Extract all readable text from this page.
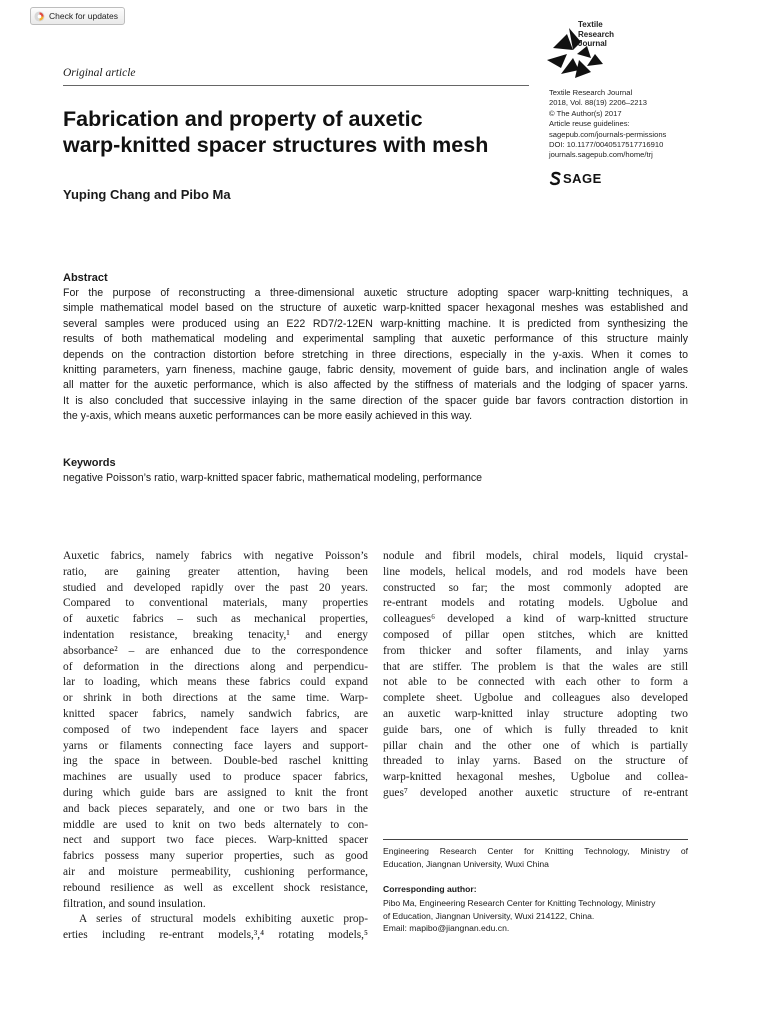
Check for updates
Original article
Textile
Research
Journal
Textile Research Journal
2018, Vol. 88(19) 2206–2213
© The Author(s) 2017
Article reuse guidelines:
sagepub.com/journals-permissions
DOI: 10.1177/0040517517716910
journals.sagepub.com/home/trj
SAGE
Fabrication and property of auxetic
warp-knitted spacer structures with mesh
Yuping Chang and Pibo Ma
Abstract
For the purpose of reconstructing a three-dimensional auxetic structure adopting spacer warp-knitting techniques, a
simple mathematical model based on the structure of auxetic warp-knitted spacer hexagonal meshes was established and
several samples were produced using an E22 RD7/2-12EN warp-knitting machine. It is predicted from synthesizing the
results of both mathematical modeling and experimental sampling that auxetic performance of this structure mainly
depends on the contraction distortion before stretching in three directions, especially in the y-axis. When it comes to
knitting parameters, yarn fineness, machine gauge, fabric density, movement of guide bars, and inclination angle of wales
all matter for the auxetic performance, which is also affected by the stiffness of materials and the lodging of spacer yarns.
It is also concluded that successive inlaying in the same direction of the spacer guide bar favors contraction distortion in
the y-axis, which means auxetic performances can be more easily achieved in this way.
Keywords
negative Poisson’s ratio, warp-knitted spacer fabric, mathematical modeling, performance
Auxetic fabrics, namely fabrics with negative Poisson’s
ratio, are gaining greater attention, having been
studied and developed rapidly over the past 20 years.
Compared to conventional materials, many properties
of auxetic fabrics – such as mechanical properties,
indentation resistance, breaking tenacity,¹ and energy
absorbance² – are enhanced due to the correspondence
of deformation in the directions along and perpendicu-
lar to loading, which means these fabrics could expand
or shrink in both directions at the same time. Warp-
knitted spacer fabrics, namely sandwich fabrics, are
composed of two independent face layers and spacer
yarns or filaments connecting face layers and support-
ing the space in between. Double-bed raschel knitting
machines are usually used to produce spacer fabrics,
during which guide bars are assigned to knit the front
and back pieces separately, and one or two bars in the
middle are used to knit on two beds alternately to con-
nect and support two face pieces. Warp-knitted spacer
fabrics possess many superior properties, such as good
air and moisture permeability, cushioning performance,
rebound resilience as well as excellent shock resistance,
filtration, and sound insulation.
A series of structural models exhibiting auxetic prop-
erties including re-entrant models,³,⁴ rotating models,⁵
nodule and fibril models, chiral models, liquid crystal-
line models, helical models, and rod models have been
constructed so far; the most commonly adopted are
re-entrant models and rotating models. Ugbolue and
colleagues⁶ developed a kind of warp-knitted structure
composed of pillar open stitches, which are knitted
from thicker and softer filaments, and inlay yarns
that are stiffer. The problem is that the wales are still
not able to be connected with each other to form a
complete sheet. Ugbolue and colleagues also developed
an auxetic warp-knitted inlay structure adopting two
guide bars, one of which is fully threaded to knit
pillar chain and the other one of which is partially
threaded to inlay yarns. Based on the structure of
warp-knitted hexagonal meshes, Ugbolue and collea-
gues⁷ developed another auxetic structure of re-entrant
Engineering Research Center for Knitting Technology, Ministry of
Education, Jiangnan University, Wuxi China
Corresponding author:
Pibo Ma, Engineering Research Center for Knitting Technology, Ministry
of Education, Jiangnan University, Wuxi 214122, China.
Email: mapibo@jiangnan.edu.cn.
